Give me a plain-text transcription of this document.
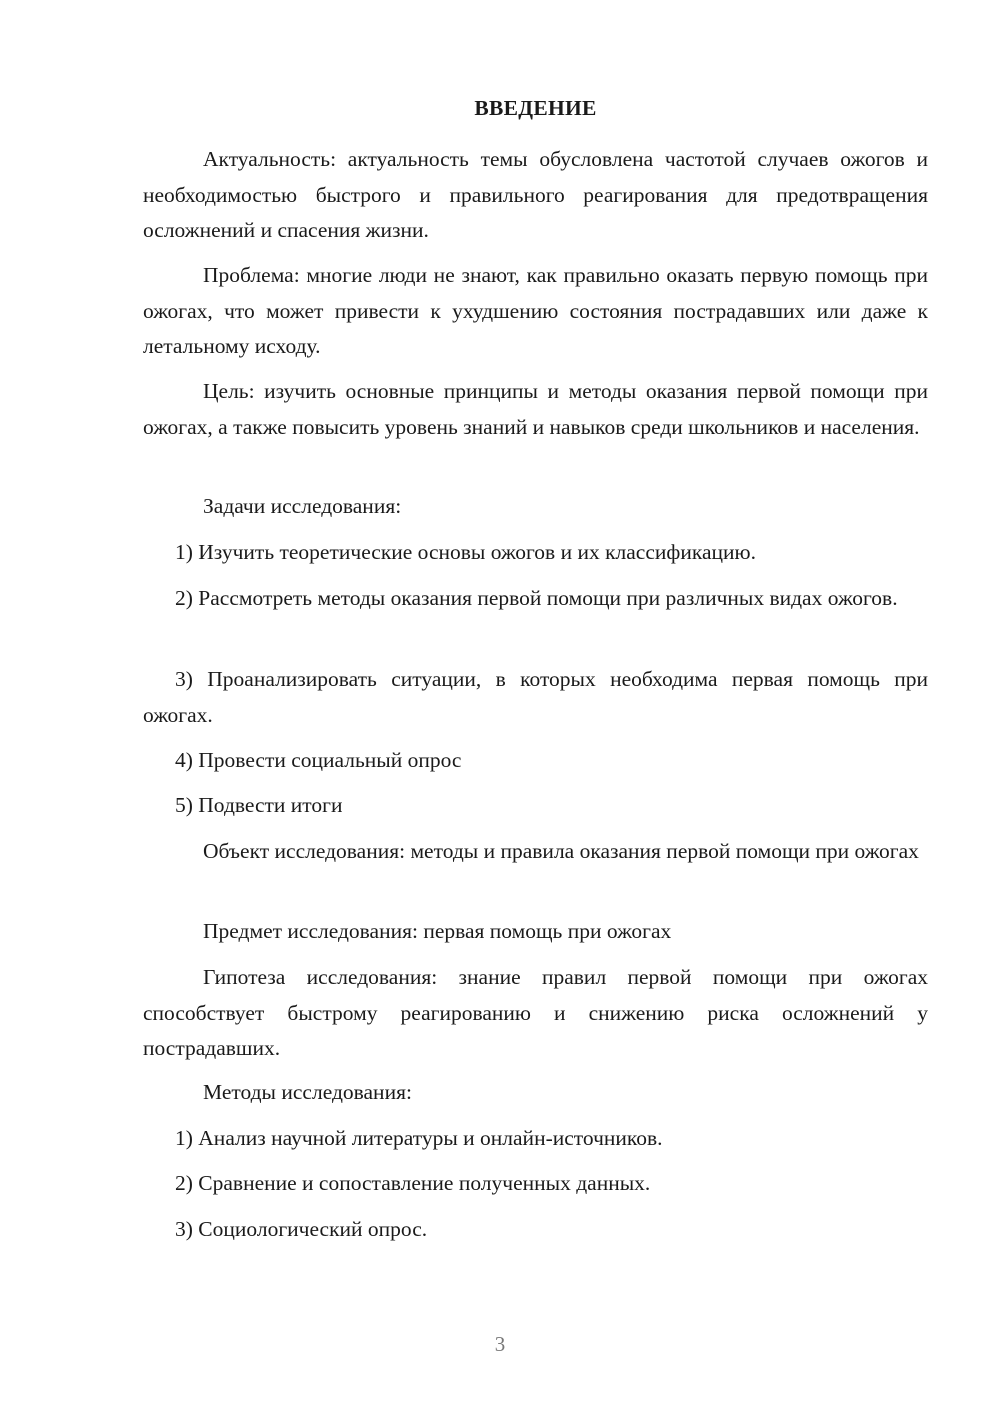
ВВЕДЕНИЕ

Актуальность: актуальность темы обусловлена частотой случаев ожогов и необходимостью быстрого и правильного реагирования для предотвращения осложнений и спасения жизни.

Проблема: многие люди не знают, как правильно оказать первую помощь при ожогах, что может привести к ухудшению состояния пострадавших или даже к летальному исходу.

Цель: изучить основные принципы и методы оказания первой помощи при ожогах, а также повысить уровень знаний и навыков среди школьников и населения.

Задачи исследования:

1) Изучить теоретические основы ожогов и их классификацию.

2) Рассмотреть методы оказания первой помощи при различных видах ожогов.

3) Проанализировать ситуации, в которых необходима первая помощь при ожогах.

4) Провести социальный опрос

5) Подвести итоги

Объект исследования: методы и правила оказания первой помощи при ожогах

Предмет исследования: первая помощь при ожогах

Гипотеза исследования: знание правил первой помощи при ожогах способствует быстрому реагированию и снижению риска осложнений у пострадавших.

Методы исследования:

1) Анализ научной литературы и онлайн-источников.

2) Сравнение и сопоставление полученных данных.

3) Социологический опрос.

3
